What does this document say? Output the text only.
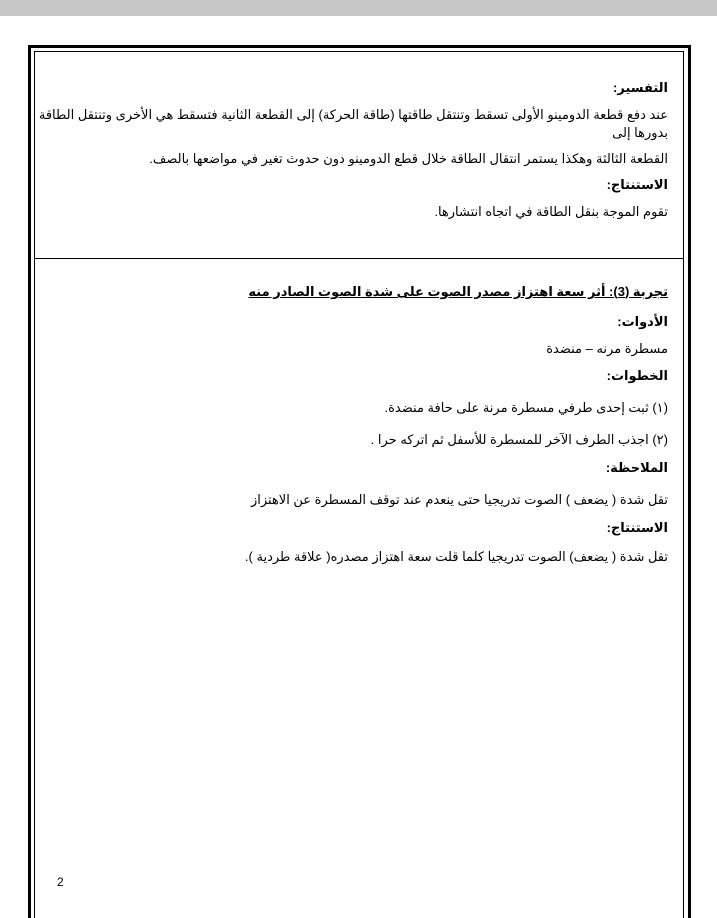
التفسير:
عند دفع قطعة الدومينو الأولى تسقط وتنتقل طاقتها (طاقة الحركة) إلى القطعة الثانية فتسقط هي الأخرى وتنتقل الطاقة
بدورها إلى
القطعة الثالثة وهكذا يستمر انتقال الطاقة خلال قطع الدومينو دون حدوث تغير في مواضعها بالصف.
الاستنتاج:
تقوم الموجة بنقل الطاقة في اتجاه انتشارها.
تجربة (3): أثر سعة اهتزاز مصدر الصوت على شدة الصوت الصادر منه
الأدوات:
مسطرة مرنه – منضدة
الخطوات:
(١) ثبت إحدى طرفي مسطرة مرنة على حافة منضدة.
(٢) اجذب الطرف الآخر للمسطرة للأسفل ثم اتركه حرا .
الملاحظة:
تقل شدة ( يضعف ) الصوت تدريجيا حتى ينعدم عند توقف المسطرة عن الاهتزاز
الاستنتاج:
تقل شدة ( يضعف) الصوت تدريجيا كلما قلت سعة اهتزاز مصدره( علاقة طردية ).
2
